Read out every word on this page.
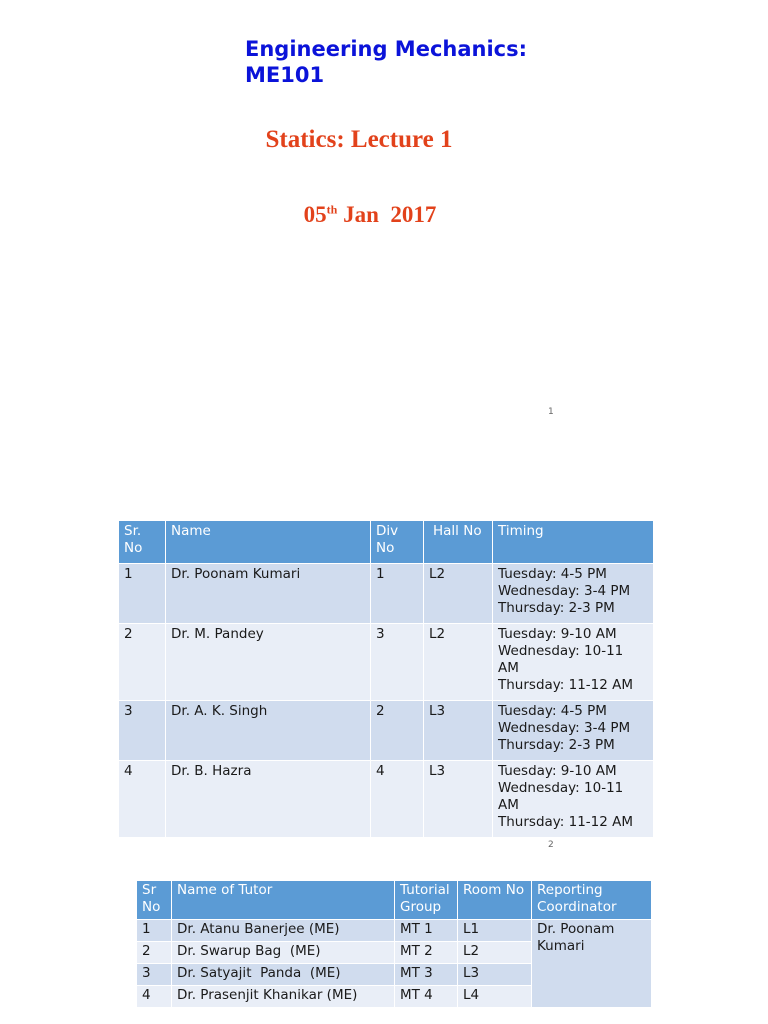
Engineering Mechanics:
ME101
Statics: Lecture 1
05th Jan  2017
1
Sr. No	Name	Div No	Hall No	Timing
1	Dr. Poonam Kumari	1	L2	Tuesday: 4-5 PM
Wednesday: 3-4 PM
Thursday: 2-3 PM

2	Dr. M. Pandey	3	L2	Tuesday: 9-10 AM
Wednesday: 10-11 AM
Thursday: 11-12 AM

3	Dr. A. K. Singh	2	L3	Tuesday: 4-5 PM
Wednesday: 3-4 PM
Thursday: 2-3 PM

4	Dr. B. Hazra	4	L3	Tuesday: 9-10 AM
Wednesday: 10-11 AM
Thursday: 11-12 AM
2
Sr No	Name of Tutor	Tutorial Group	Room No	Reporting Coordinator
1	Dr. Atanu Banerjee (ME)	MT 1	L1	Dr. Poonam Kumari
2	Dr. Swarup Bag  (ME)	MT 2	L2	
3	Dr. Satyajit  Panda  (ME)	MT 3	L3	
4	Dr. Prasenjit Khanikar (ME)	MT 4	L4	
